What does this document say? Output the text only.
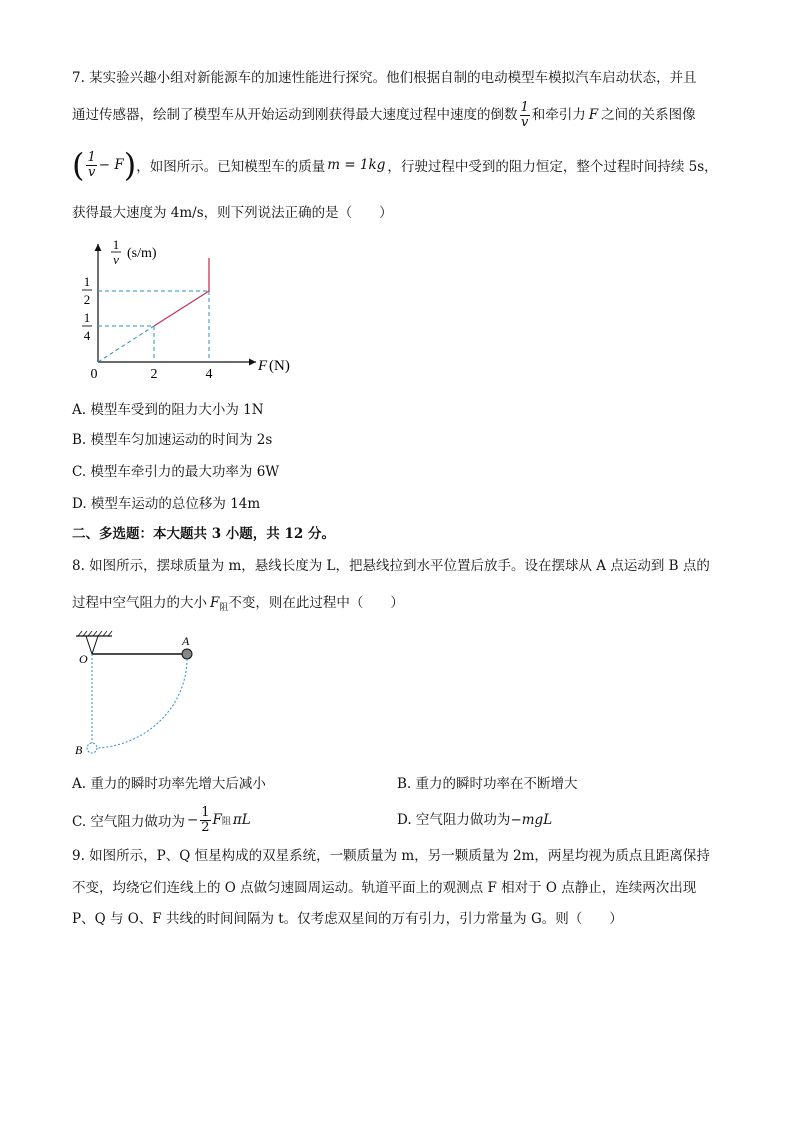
7. 某实验兴趣小组对新能源车的加速性能进行探究。他们根据自制的电动模型车模拟汽车启动状态，并且
通过传感器，绘制了模型车从开始运动到刚获得最大速度过程中速度的倒数 $\frac{1}{v}$ 和牵引力 F 之间的关系图像
( $\frac{1}{v} - F$ ) ，如图所示。已知模型车的质量 m = 1kg ，行驶过程中受到的阻力恒定，整个过程时间持续 5s，
获得最大速度为 4m/s，则下列说法正确的是（　　）
1
v (s/m)
1
2
1
4
0	2	4
F (N)
A. 模型车受到的阻力大小为 1N
B. 模型车匀加速运动的时间为 2s
C. 模型车牵引力的最大功率为 6W
D. 模型车运动的总位移为 14m
二、多选题：本大题共 3 小题，共 12 分。
8. 如图所示，摆球质量为 m，悬线长度为 L，把悬线拉到水平位置后放手。设在摆球从 A 点运动到 B 点的
过程中空气阻力的大小 $F_阻$不变，则在此过程中（　　）
O
A
B
A. 重力的瞬时功率先增大后减小	B. 重力的瞬时功率在不断增大
C. 空气阻力做功为 − $\frac{1}{2}$ F 阻 πL	D. 空气阻力做功为−mgL
9. 如图所示，P、Q 恒星构成的双星系统，一颗质量为 m，另一颗质量为 2m，两星均视为质点且距离保持
不变，均绕它们连线上的 O 点做匀速圆周运动。轨道平面上的观测点 F 相对于 O 点静止，连续两次出现
P、Q 与 O、F 共线的时间间隔为 t。仅考虑双星间的万有引力，引力常量为 G。则（　　）
